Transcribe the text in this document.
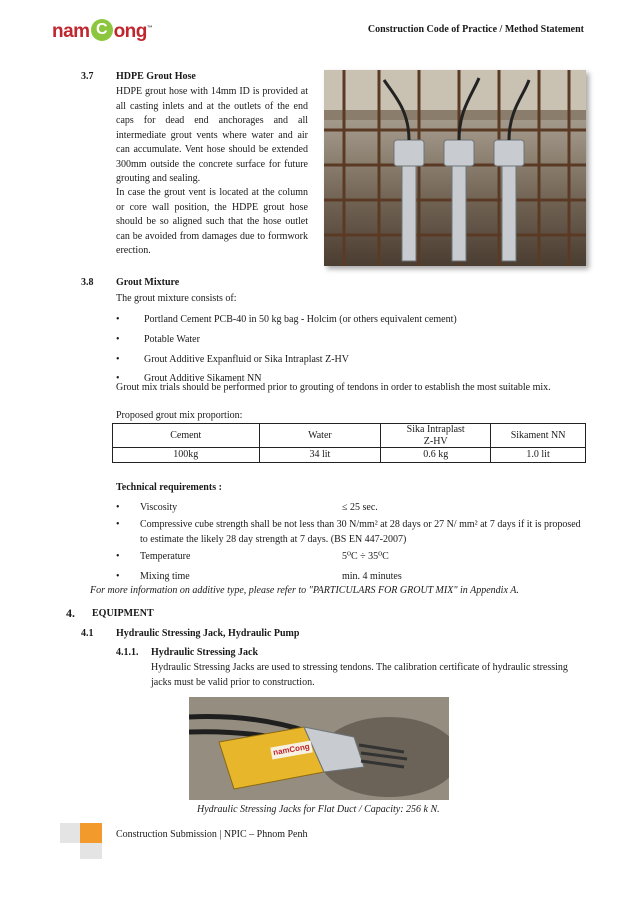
nam C ong™	Construction Code of Practice / Method Statement
3.7 HDPE Grout Hose
HDPE grout hose with 14mm ID is provided at all casting inlets and at the outlets of the end caps for dead end anchorages and all intermediate grout vents where water and air can accumulate. Vent hose should be extended 300mm outside the concrete surface for future grouting and sealing.
In case the grout vent is located at the column or core wall position, the HDPE grout hose should be so aligned such that the hose outlet can be avoided from damages due to formwork erection.
3.8 Grout Mixture
The grout mixture consists of:
• Portland Cement PCB-40 in 50 kg bag - Holcim (or others equivalent cement)
• Potable Water
• Grout Additive Expanfluid or Sika Intraplast Z-HV
• Grout Additive Sikament NN
Grout mix trials should be performed prior to grouting of tendons in order to establish the most suitable mix.
Proposed grout mix proportion:
Cement	Water	Sika Intraplast Z-HV	Sikament NN
100kg	34 lit	0.6 kg	1.0 lit
Technical requirements :
• Viscosity	≤ 25 sec.
• Compressive cube strength shall be not less than 30 N/mm² at 28 days or 27 N/ mm² at 7 days if it is proposed to estimate the likely 28 day strength at 7 days. (BS EN 447-2007)
• Temperature	5⁰C ÷ 35⁰C
• Mixing time	min. 4 minutes
For more information on additive type, please refer to "PARTICULARS FOR GROUT MIX" in Appendix A.
4. EQUIPMENT
4.1 Hydraulic Stressing Jack, Hydraulic Pump
4.1.1. Hydraulic Stressing Jack
Hydraulic Stressing Jacks are used to stressing tendons. The calibration certificate of hydraulic stressing jacks must be valid prior to construction.
namCong
Hydraulic Stressing Jacks for Flat Duct / Capacity: 256 k N.
Construction Submission | NPIC – Phnom Penh
